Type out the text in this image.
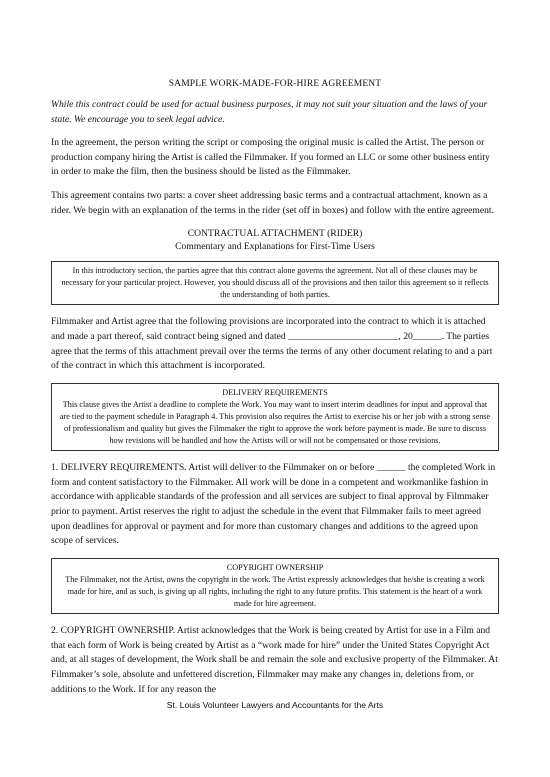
SAMPLE WORK-MADE-FOR-HIRE AGREEMENT

While this contract could be used for actual business purposes, it may not suit your situation and the laws of your state. We encourage you to seek legal advice.

In the agreement, the person writing the script or composing the original music is called the Artist. The person or production company hiring the Artist is called the Filmmaker. If you formed an LLC or some other business entity in order to make the film, then the business should be listed as the Filmmaker.

This agreement contains two parts: a cover sheet addressing basic terms and a contractual attachment, known as a rider. We begin with an explanation of the terms in the rider (set off in boxes) and follow with the entire agreement.

CONTRACTUAL ATTACHMENT (RIDER)
Commentary and Explanations for First-Time Users
In this introductory section, the parties agree that this contract alone governs the agreement. Not all of these clauses may be necessary for your particular project. However, you should discuss all of the provisions and then tailor this agreement so it reflects the understanding of both parties.

Filmmaker and Artist agree that the following provisions are incorporated into the contract to which it is attached and made a part thereof, said contract being signed and dated _______________________, 20______. The parties agree that the terms of this attachment prevail over the terms the terms of any other document relating to and a part of the contract in which this attachment is incorporated.

DELIVERY REQUIREMENTS
This clause gives the Artist a deadline to complete the Work. You may want to insert interim deadlines for input and approval that are tied to the payment schedule in Paragraph 4. This provision also requires the Artist to exercise his or her job with a strong sense of professionalism and quality but gives the Filmmaker the right to approve the work before payment is made. Be sure to discuss how revisions will be handled and how the Artists will or will not be compensated or those revisions.

1. DELIVERY REQUIREMENTS. Artist will deliver to the Filmmaker on or before ______ the completed Work in form and content satisfactory to the Filmmaker. All work will be done in a competent and workmanlike fashion in accordance with applicable standards of the profession and all services are subject to final approval by Filmmaker prior to payment. Artist reserves the right to adjust the schedule in the event that Filmmaker fails to meet agreed upon deadlines for approval or payment and for more than customary changes and additions to the agreed upon scope of services.

COPYRIGHT OWNERSHIP
The Filmmaker, not the Artist, owns the copyright in the work. The Artist expressly acknowledges that he/she is creating a work made for hire, and as such, is giving up all rights, including the right to any future profits. This statement is the heart of a work made for hire agreement.

2. COPYRIGHT OWNERSHIP. Artist acknowledges that the Work is being created by Artist for use in a Film and that each form of Work is being created by Artist as a “work made for hire” under the United States Copyright Act and, at all stages of development, the Work shall be and remain the sole and exclusive property of the Filmmaker. At Filmmaker’s sole, absolute and unfettered discretion, Filmmaker may make any changes in, deletions from, or additions to the Work. If for any reason the

St. Louis Volunteer Lawyers and Accountants for the Arts
